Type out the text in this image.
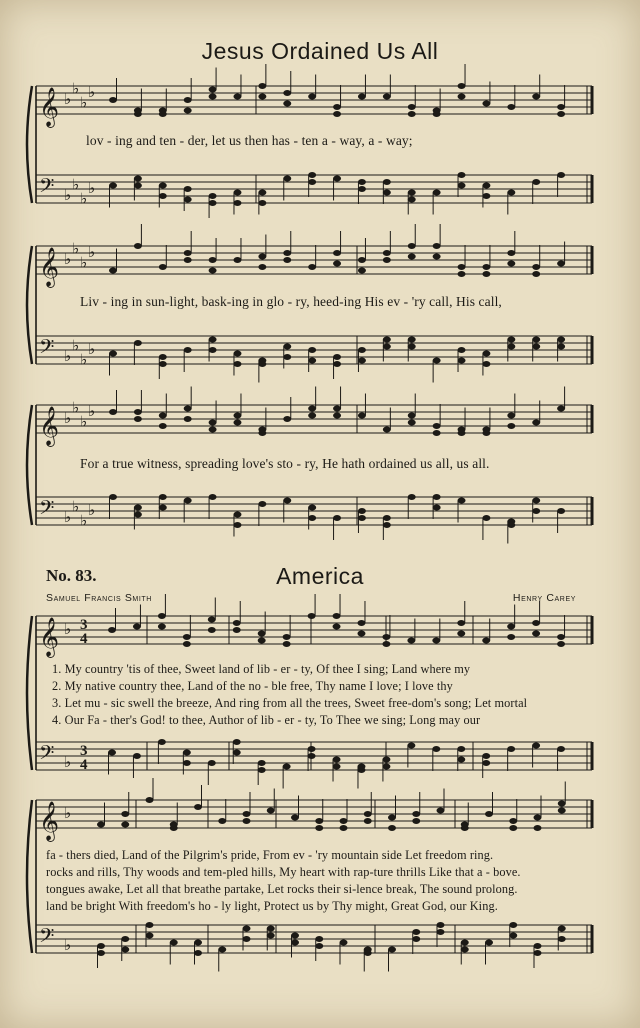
Jesus Ordained Us All
𝄞 ♭
♭
♭
♭
𝄢 ♭
♭
♭
♭
𝄞 ♭
♭
♭
♭
𝄢 ♭
♭
♭
♭
𝄞 ♭
♭
♭
♭
𝄢 ♭
♭
♭
♭
𝄞 ♭ 3
4
𝄢 ♭
3
4
𝄞 ♭
𝄢 ♭
lov - ing and ten - der, let us then has - ten a - way, a - way;
Liv - ing in sun-light, bask-ing in glo - ry, heed-ing His ev - 'ry call, His call,
For a true witness, spreading love's sto - ry, He hath ordained us all, us all.
No. 83.	America
Samuel Francis Smith	Henry Carey
1. My country 'tis of thee, Sweet land of lib - er - ty, Of thee I sing; Land where my
2. My native country thee, Land of the no - ble free, Thy name I love; I love thy
3. Let mu - sic swell the breeze, And ring from all the trees, Sweet free-dom's song; Let mortal
4. Our Fa - ther's God! to thee, Author of lib - er - ty, To Thee we sing; Long may our
fa - thers died, Land of the Pilgrim's pride, From ev - 'ry mountain side Let freedom ring.
rocks and rills, Thy woods and tem-pled hills, My heart with rap-ture thrills Like that a - bove.
tongues awake, Let all that breathe partake, Let rocks their si-lence break, The sound prolong.
land be bright With freedom's ho - ly light, Protect us by Thy might, Great God, our King.
